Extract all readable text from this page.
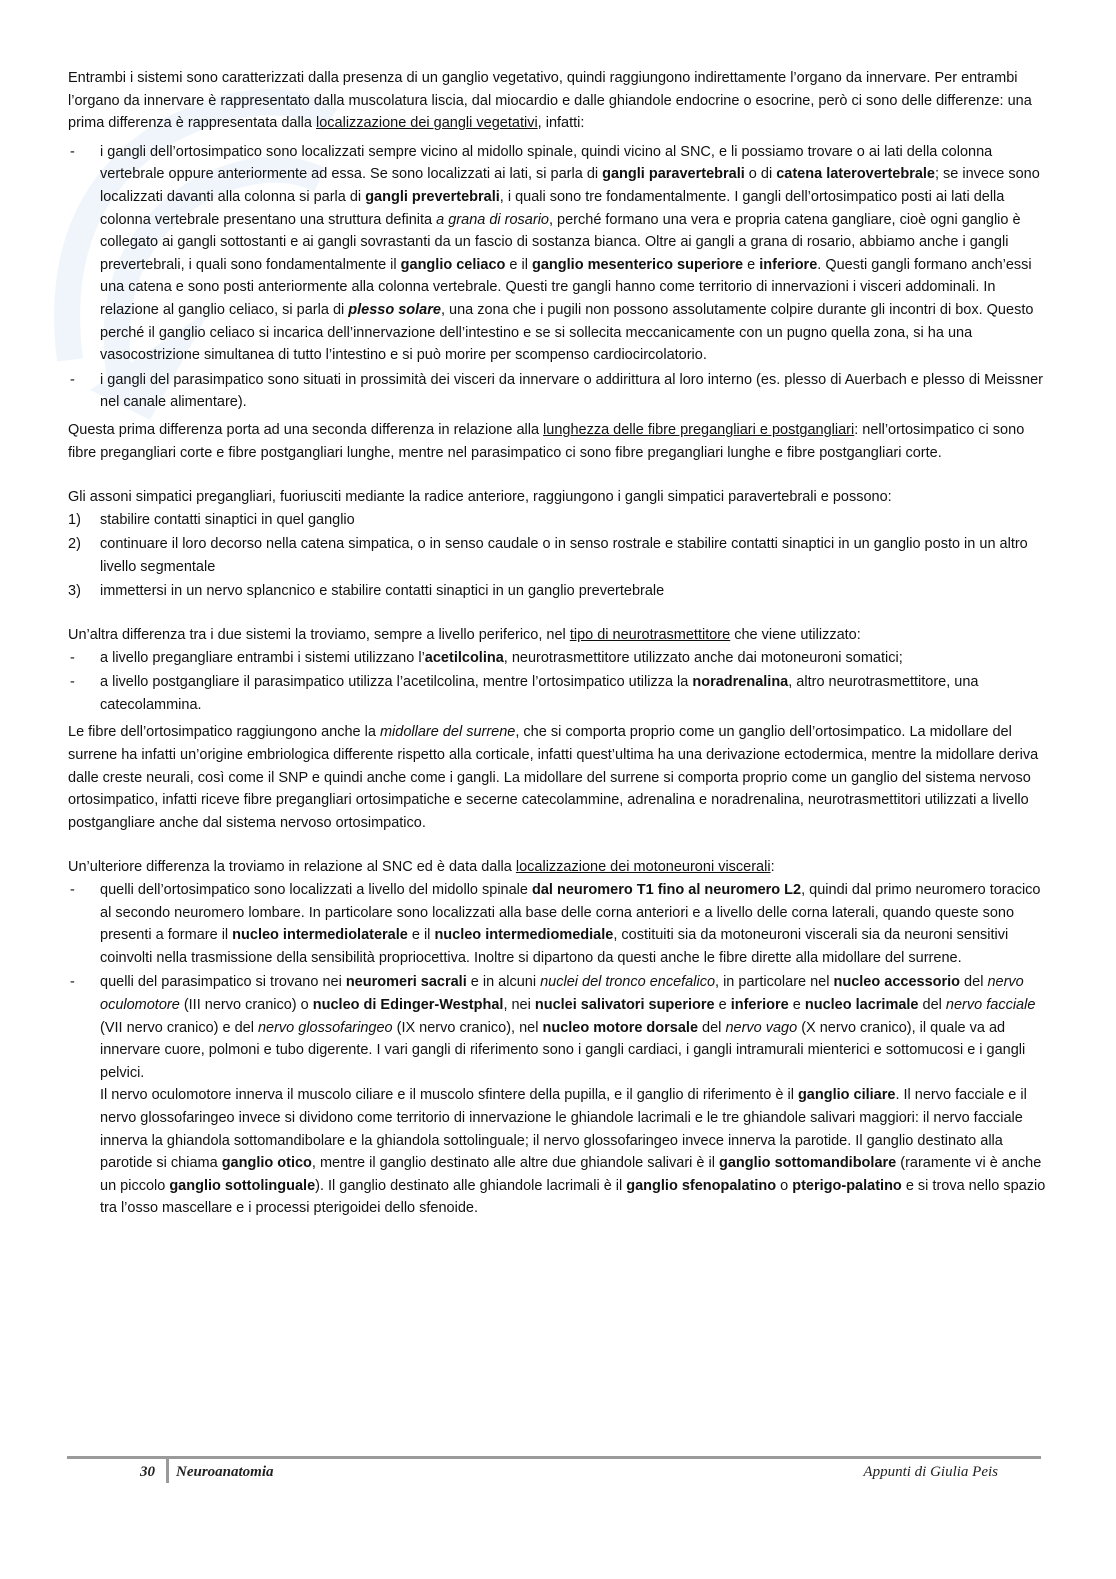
Entrambi i sistemi sono caratterizzati dalla presenza di un ganglio vegetativo, quindi raggiungono indirettamente l’organo da innervare. Per entrambi l’organo da innervare è rappresentato dalla muscolatura liscia, dal miocardio e dalle ghiandole endocrine o esocrine, però ci sono delle differenze: una prima differenza è rappresentata dalla localizzazione dei gangli vegetativi, infatti:

- i gangli dell’ortosimpatico sono localizzati sempre vicino al midollo spinale, quindi vicino al SNC, e li possiamo trovare o ai lati della colonna vertebrale oppure anteriormente ad essa. Se sono localizzati ai lati, si parla di gangli paravertebrali o di catena laterovertebrale; se invece sono localizzati davanti alla colonna si parla di gangli prevertebrali, i quali sono tre fondamentalmente. I gangli dell’ortosimpatico posti ai lati della colonna vertebrale presentano una struttura definita a grana di rosario, perché formano una vera e propria catena gangliare, cioè ogni ganglio è collegato ai gangli sottostanti e ai gangli sovrastanti da un fascio di sostanza bianca. Oltre ai gangli a grana di rosario, abbiamo anche i gangli prevertebrali, i quali sono fondamentalmente il ganglio celiaco e il ganglio mesenterico superiore e inferiore. Questi gangli formano anch’essi una catena e sono posti anteriormente alla colonna vertebrale. Questi tre gangli hanno come territorio di innervazioni i visceri addominali. In relazione al ganglio celiaco, si parla di plesso solare, una zona che i pugili non possono assolutamente colpire durante gli incontri di box. Questo perché il ganglio celiaco si incarica dell’innervazione dell’intestino e se si sollecita meccanicamente con un pugno quella zona, si ha una vasocostrizione simultanea di tutto l’intestino e si può morire per scompenso cardiocircolatorio.
- i gangli del parasimpatico sono situati in prossimità dei visceri da innervare o addirittura al loro interno (es. plesso di Auerbach e plesso di Meissner nel canale alimentare).

Questa prima differenza porta ad una seconda differenza in relazione alla lunghezza delle fibre pregangliari e postgangliari: nell’ortosimpatico ci sono fibre pregangliari corte e fibre postgangliari lunghe, mentre nel parasimpatico ci sono fibre pregangliari lunghe e fibre postgangliari corte.

Gli assoni simpatici pregangliari, fuoriusciti mediante la radice anteriore, raggiungono i gangli simpatici paravertebrali e possono:

1) stabilire contatti sinaptici in quel ganglio
2) continuare il loro decorso nella catena simpatica, o in senso caudale o in senso rostrale e stabilire contatti sinaptici in un ganglio posto in un altro livello segmentale
3) immettersi in un nervo splancnico e stabilire contatti sinaptici in un ganglio prevertebrale

Un’altra differenza tra i due sistemi la troviamo, sempre a livello periferico, nel tipo di neurotrasmettitore che viene utilizzato:

- a livello pregangliare entrambi i sistemi utilizzano l’acetilcolina, neurotrasmettitore utilizzato anche dai motoneuroni somatici;
- a livello postgangliare il parasimpatico utilizza l’acetilcolina, mentre l’ortosimpatico utilizza la noradrenalina, altro neurotrasmettitore, una catecolammina.

Le fibre dell’ortosimpatico raggiungono anche la midollare del surrene, che si comporta proprio come un ganglio dell’ortosimpatico. La midollare del surrene ha infatti un’origine embriologica differente rispetto alla corticale, infatti quest’ultima ha una derivazione ectodermica, mentre la midollare deriva dalle creste neurali, così come il SNP e quindi anche come i gangli. La midollare del surrene si comporta proprio come un ganglio del sistema nervoso ortosimpatico, infatti riceve fibre pregangliari ortosimpatiche e secerne catecolammine, adrenalina e noradrenalina, neurotrasmettitori utilizzati a livello postgangliare anche dal sistema nervoso ortosimpatico.

Un’ulteriore differenza la troviamo in relazione al SNC ed è data dalla localizzazione dei motoneuroni viscerali:

- quelli dell’ortosimpatico sono localizzati a livello del midollo spinale dal neuromero T1 fino al neuromero L2, quindi dal primo neuromero toracico al secondo neuromero lombare. In particolare sono localizzati alla base delle corna anteriori e a livello delle corna laterali, quando queste sono presenti a formare il nucleo intermediolaterale e il nucleo intermediomediale, costituiti sia da motoneuroni viscerali sia da neuroni sensitivi coinvolti nella trasmissione della sensibilità propriocettiva. Inoltre si dipartono da questi anche le fibre dirette alla midollare del surrene.
- quelli del parasimpatico si trovano nei neuromeri sacrali e in alcuni nuclei del tronco encefalico, in particolare nel nucleo accessorio del nervo oculomotore (III nervo cranico) o nucleo di Edinger-Westphal, nei nuclei salivatori superiore e inferiore e nucleo lacrimale del nervo facciale (VII nervo cranico) e del nervo glossofaringeo (IX nervo cranico), nel nucleo motore dorsale del nervo vago (X nervo cranico), il quale va ad innervare cuore, polmoni e tubo digerente. I vari gangli di riferimento sono i gangli cardiaci, i gangli intramurali mienterici e sottomucosi e i gangli pelvici.
Il nervo oculomotore innerva il muscolo ciliare e il muscolo sfintere della pupilla, e il ganglio di riferimento è il ganglio ciliare. Il nervo facciale e il nervo glossofaringeo invece si dividono come territorio di innervazione le ghiandole lacrimali e le tre ghiandole salivari maggiori: il nervo facciale innerva la ghiandola sottomandibolare e la ghiandola sottolinguale; il nervo glossofaringeo invece innerva la parotide. Il ganglio destinato alla parotide si chiama ganglio otico, mentre il ganglio destinato alle altre due ghiandole salivari è il ganglio sottomandibolare (raramente vi è anche un piccolo ganglio sottolinguale). Il ganglio destinato alle ghiandole lacrimali è il ganglio sfenopalatino o pterigo-palatino e si trova nello spazio tra l’osso mascellare e i processi pterigoidei dello sfenoide.
30 Neuroanatomia	Appunti di Giulia Peis
